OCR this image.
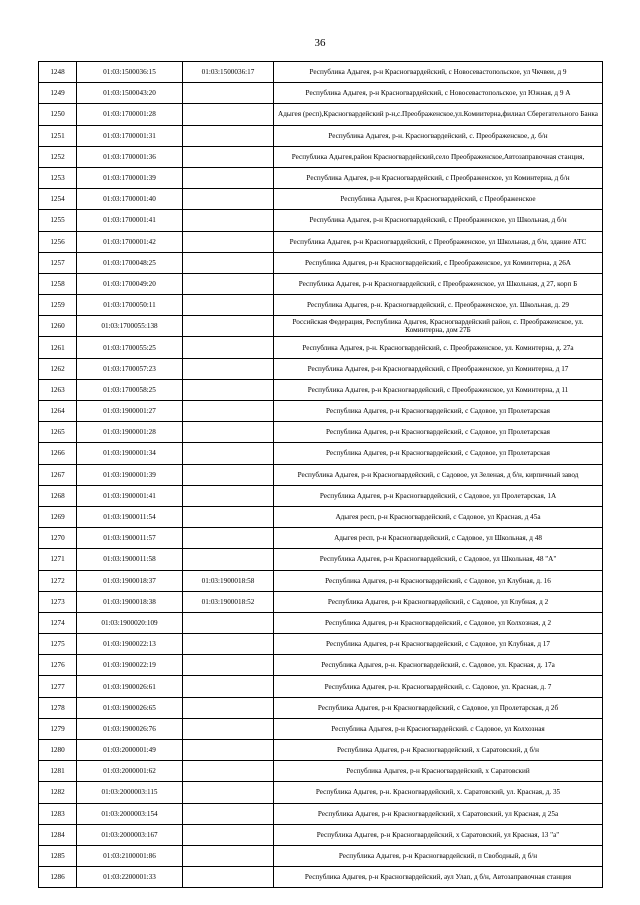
36
1248	01:03:1500036:15	01:03:1500036:17	Республика Адыгея, р-н Красногвардейский, с Новосевастопольское, ул Чкчвеи, д 9
1249	01:03:1500043:20		Республика Адыгея, р-н Красногвардейский, с Новосевастопольское, ул Южная, д 9 А
1250	01:03:1700001:28		Адыгея (респ),Красногвардейский р-н,с.Преображенское,ул.Комиитерна,филиал Сберегательного Банка
1251	01:03:1700001:31		Республика Адыгея, р-н. Красногвардейский, с. Преображенское, д. б/н
1252	01:03:1700001:36		Республика Адыгея,район Красногвардейский,село Преображенское,Автозаправочная станция,
1253	01:03:1700001:39		Республика Адыгея, р-н Красногвардейский, с Преображенское, ул Коминтерна, д б/н
1254	01:03:1700001:40		Республика Адыгея, р-н Красногвардейский, с Преображенское
1255	01:03:1700001:41		Республика Адыгея, р-н Красногвардейский, с Преображенское, ул Школьная, д б/н
1256	01:03:1700001:42		Республика Адыгея, р-н Красногвардейский, с Преображенское, ул Школьная, д б/н, здание АТС
1257	01:03:1700048:25		Республика Адыгея, р-н Красногвардейский, с Преображенское, ул Коминтерна, д 26А
1258	01:03:1700049:20		Республика Адыгея, р-н Красногвардейский, с Преображенское, ул Школьная, д 27, корп Б
1259	01:03:1700050:11		Республика Адыгея, р-н. Красногвардейский, с. Преображенское, ул. Школьная, д. 29
1260	01:03:1700055:138		Российская Федерация, Республика Адыгея, Красногвардейский район, с. Преображенское, ул. Коминтерна, дом 27Б
1261	01:03:1700055:25		Республика Адыгея, р-н. Красногвардейский, с. Преображенское, ул. Коминтерна, д. 27а
1262	01:03:1700057:23		Республика Адыгея, р-н Красногвардейский, с Преображенское, ул Коминтерна, д 17
1263	01:03:1700058:25		Республика Адыгея, р-н Красногвардейский, с Преображенское, ул Коминтерна, д 11
1264	01:03:1900001:27		Республика Адыгея, р-н Красногвардейский, с Садовое, ул Пролетарская
1265	01:03:1900001:28		Республика Адыгея, р-н Красногвардейский, с Садовое, ул Пролетарская
1266	01:03:1900001:34		Республика Адыгея, р-н Красногвардейский, с Садовое, ул Пролетарская
1267	01:03:1900001:39		Республика Адыгея, р-н Красногвардейский, с Садовое, ул Зеленая, д б/н, кирпичный завод
1268	01:03:1900001:41		Республика Адыгея, р-н Красногвардейский, с Садовое, ул Пролетарская, 1А
1269	01:03:1900011:54		Адыгея респ, р-н Красногвардейский, с Садовое, ул Красная, д 45а
1270	01:03:1900011:57		Адыгея респ, р-н Красногвардейский, с Садовое, ул Школьная, д 48
1271	01:03:1900011:58		Республика Адыгея, р-н Красногвардейский, с Садовое, ул Школьная, 48 "А"
1272	01:03:1900018:37	01:03:1900018:58	Республика Адыгея, р-н Красногвардейский, с Садовое, ул Клубная, д. 16
1273	01:03:1900018:38	01:03:1900018:52	Республика Адыгея, р-н Красногвардейский, с Садовое, ул Клубная, д 2
1274	01:03:1900020:109		Республика Адыгея, р-н Красногвардейский, с Садовое, ул Колхозная, д 2
1275	01:03:1900022:13		Республика Адыгея, р-н Красногвардейский, с Садовое, ул Клубная, д 17
1276	01:03:1900022:19		Республика Адыгея, р-н. Красногвардейский, с. Садовое, ул. Красная, д. 17а
1277	01:03:1900026:61		Республика Адыгея, р-н. Красногвардейский, с. Садовое, ул. Красная, д. 7
1278	01:03:1900026:65		Республика Адыгея, р-н Красногвардейский, с Садовое, ул Пролетарская, д 2б
1279	01:03:1900026:76		Республика Адыгея, р-н Красногвардейский. с Садовое, ул Колхозная
1280	01:03:2000001:49		Республика Адыгея, р-н Красногвардейский, х Саратовский, д б/н
1281	01:03:2000001:62		Республика Адыгея, р-н Красногвардейский, х Саратовский
1282	01:03:2000003:115		Республика Адыгея, р-н. Красногвардейский, х. Саратовский, ул. Красная, д. 35
1283	01:03:2000003:154		Республика Адыгея, р-н Красногвардейский, х Саратовский, ул Красная, д 25а
1284	01:03:2000003:167		Республика Адыгея, р-н Красногвардейский, х Саратовский, ул Красная, 13 "а"
1285	01:03:2100001:86		Республика Адыгея, р-н Красногвардейский, п Свободный, д б/н
1286	01:03:2200001:33		Республика Адыгея, р-н Красногвардейский, аул Улап, д б/н, Автозаправочная станция
